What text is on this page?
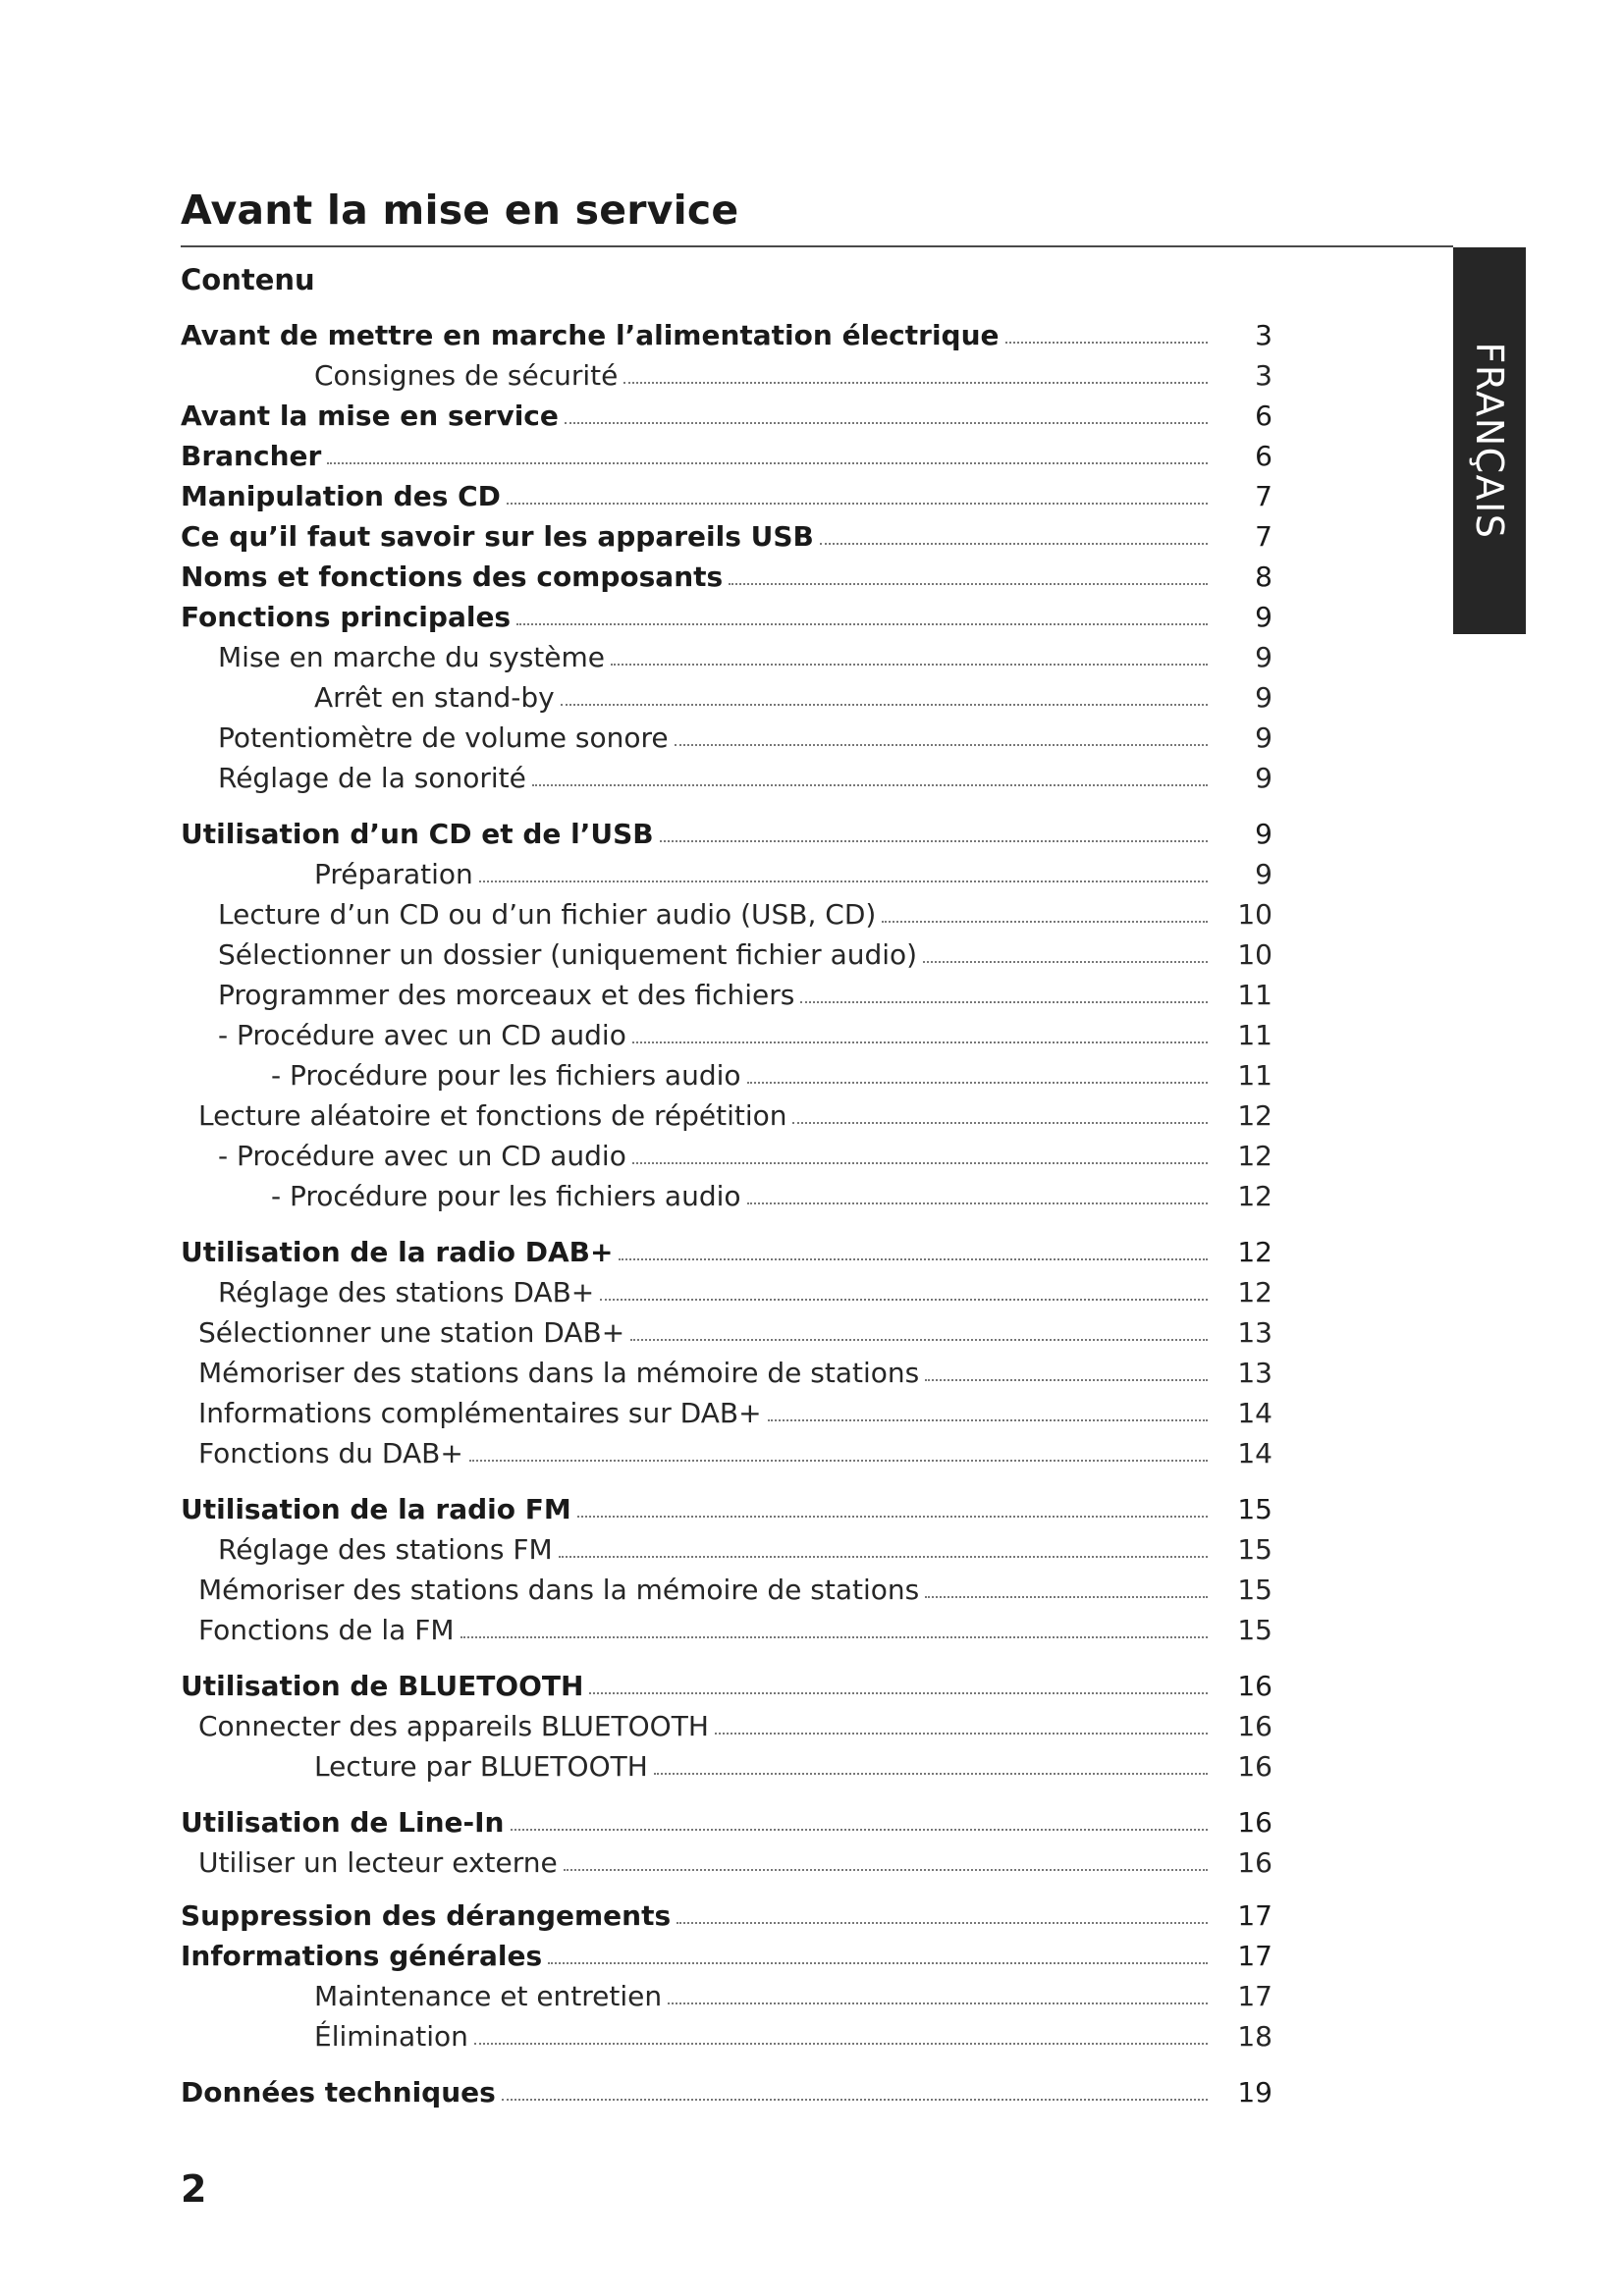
Avant la mise en service
FRANÇAIS
Contenu
Avant de mettre en marche l’alimentation électrique	3
Consignes de sécurité	3
Avant la mise en service	6
Brancher	6
Manipulation des CD	7
Ce qu’il faut savoir sur les appareils USB	7
Noms et fonctions des composants	8
Fonctions principales	9
Mise en marche du système	9
Arrêt en stand-by	9
Potentiomètre de volume sonore	9
Réglage de la sonorité	9
Utilisation d’un CD et de l’USB	9
Préparation	9
Lecture d’un CD ou d’un fichier audio (USB, CD)	10
Sélectionner un dossier (uniquement fichier audio)	10
Programmer des morceaux et des fichiers	11
- Procédure avec un CD audio	11
- Procédure pour les fichiers audio	11
Lecture aléatoire et fonctions de répétition	12
- Procédure avec un CD audio	12
- Procédure pour les fichiers audio	12
Utilisation de la radio DAB+	12
Réglage des stations DAB+	12
Sélectionner une station DAB+	13
Mémoriser des stations dans la mémoire de stations	13
Informations complémentaires sur DAB+	14
Fonctions du DAB+	14
Utilisation de la radio FM	15
Réglage des stations FM	15
Mémoriser des stations dans la mémoire de stations	15
Fonctions de la FM	15
Utilisation de BLUETOOTH	16
Connecter des appareils BLUETOOTH	16
Lecture par BLUETOOTH	16
Utilisation de Line-In	16
Utiliser un lecteur externe	16
Suppression des dérangements	17
Informations générales	17
Maintenance et entretien	17
Élimination	18
Données techniques	19
2
